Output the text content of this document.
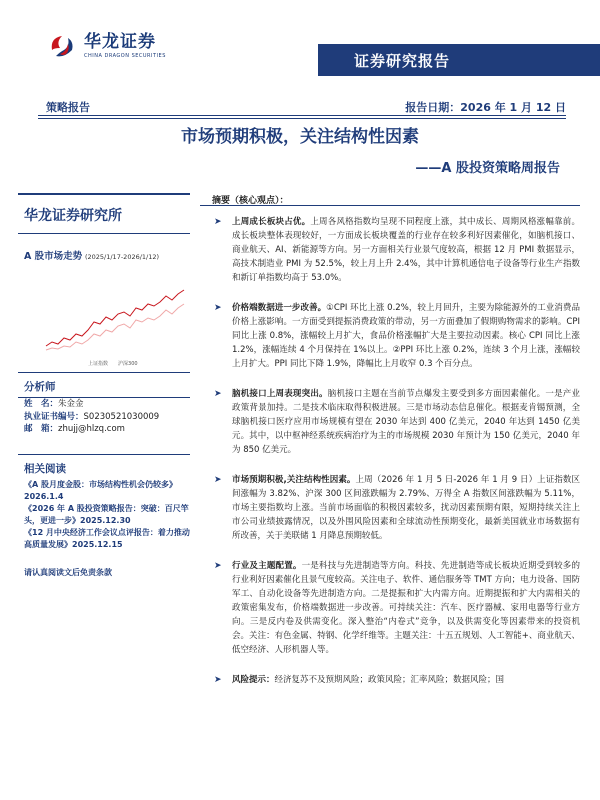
华龙证券
CHINA DRAGON SECURITIES	证券研究报告
策略报告	报告日期：2026 年 1 月 12 日
市场预期积极，关注结构性因素
——A 股投资策略周报告
华龙证券研究所
A 股市场走势 (2025/1/17-2026/1/12)
上证指数 沪深300
分析师
姓　名：朱金金
执业证书编号：S0230521030009
邮　箱：zhujj@hlzq.com
相关阅读
《A 股月度金股：市场结构性机会仍较多》2026.1.4
《2026 年 A 股投资策略报告：突破：百尺竿头，更进一步》2025.12.30
《12 月中央经济工作会议点评报告：着力推动高质量发展》2025.12.15
请认真阅读文后免责条款
摘要（核心观点）：
➤ 上周成长板块占优。上周各风格指数均呈现不同程度上涨，其中成长、周期风格涨幅靠前。成长板块整体表现较好，一方面成长板块覆盖的行业存在较多利好因素催化，如脑机接口、商业航天、AI、新能源等方向。另一方面相关行业景气度较高，根据 12 月 PMI 数据显示，高技术制造业 PMI 为 52.5%，较上月上升 2.4%，其中计算机通信电子设备等行业生产指数和新订单指数均高于 53.0%。
➤ 价格端数据进一步改善。①CPI 环比上涨 0.2%，较上月回升，主要为除能源外的工业消费品价格上涨影响。一方面受到提振消费政策的带动，另一方面叠加了假期购物需求的影响。CPI 同比上涨 0.8%，涨幅较上月扩大，食品价格涨幅扩大是主要拉动因素。核心 CPI 同比上涨 1.2%，涨幅连续 4 个月保持在 1%以上。②PPI 环比上涨 0.2%，连续 3 个月上涨，涨幅较上月扩大。PPI 同比下降 1.9%，降幅比上月收窄 0.3 个百分点。
➤ 脑机接口上周表现突出。脑机接口主题在当前节点爆发主要受到多方面因素催化。一是产业政策背景加持。二是技术临床取得积极进展。三是市场动态信息催化。根据麦肯锡预测，全球脑机接口医疗应用市场规模有望在 2030 年达到 400 亿美元，2040 年达到 1450 亿美元。其中，以中枢神经系统疾病治疗为主的市场规模 2030 年预计为 150 亿美元，2040 年为 850 亿美元。
➤ 市场预期积极,关注结构性因素。上周（2026 年 1 月 5 日-2026 年 1 月 9 日）上证指数区间涨幅为 3.82%、沪深 300 区间涨跌幅为 2.79%、万得全 A 指数区间涨跌幅为 5.11%，市场主要指数均上涨。当前市场面临的积极因素较多，扰动因素预期有限，短期持续关注上市公司业绩披露情况，以及外围风险因素和全球流动性预期变化，最新美国就业市场数据有所改善，关于美联储 1 月降息预期较低。
➤ 行业及主题配置。一是科技与先进制造等方向。科技、先进制造等成长板块近期受到较多的行业利好因素催化且景气度较高。关注电子、软件、通信服务等 TMT 方向；电力设备、国防军工、自动化设备等先进制造方向。二是提振和扩大内需方向。近期提振和扩大内需相关的政策密集发布，价格端数据进一步改善。可持续关注：汽车、医疗器械、家用电器等行业方向。三是反内卷及供需变化。深入整治“内卷式”竞争，以及供需变化等因素带来的投资机会。关注：有色金属、特钢、化学纤维等。主题关注：十五五规划、人工智能+、商业航天、低空经济、人形机器人等。
➤ 风险提示：经济复苏不及预期风险；政策风险；汇率风险；数据风险；国
